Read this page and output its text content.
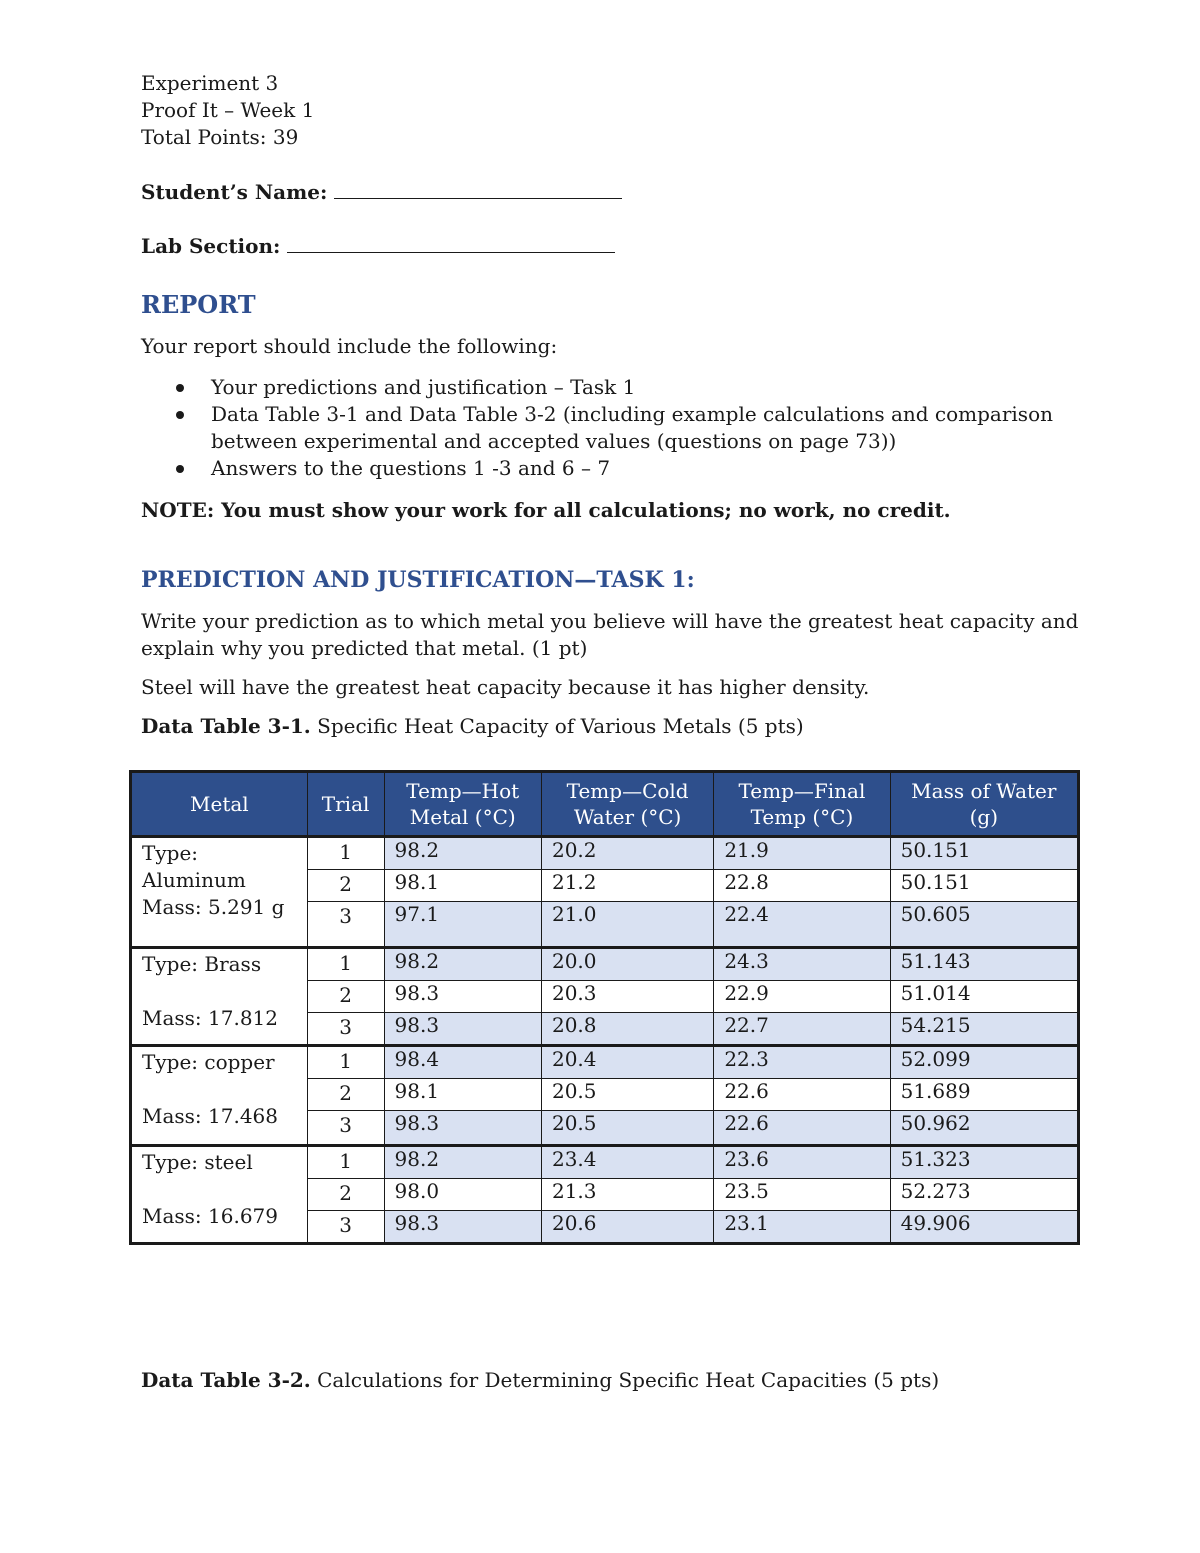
Experiment 3
Proof It – Week 1
Total Points: 39
Student’s Name:
Lab Section:
REPORT
Your report should include the following:
Your predictions and justification – Task 1
Data Table 3-1 and Data Table 3-2 (including example calculations and comparison between experimental and accepted values (questions on page 73))
Answers to the questions 1 -3 and 6 – 7
NOTE: You must show your work for all calculations; no work, no credit.
PREDICTION AND JUSTIFICATION—TASK 1:
Write your prediction as to which metal you believe will have the greatest heat capacity and explain why you predicted that metal. (1 pt)
Steel will have the greatest heat capacity because it has higher density.
Data Table 3-1. Specific Heat Capacity of Various Metals (5 pts)
Metal	Trial	Temp—Hot Metal (°C)	Temp—Cold Water (°C)	Temp—Final Temp (°C)	Mass of Water (g)

Type: Aluminum
Mass: 5.291 g	1	98.2	20.2	21.9	50.151
	2	98.1	21.2	22.8	50.151
	3	97.1	21.0	22.4	50.605

Type: Brass
Mass: 17.812	1	98.2	20.0	24.3	51.143
	2	98.3	20.3	22.9	51.014
	3	98.3	20.8	22.7	54.215

Type: copper
Mass: 17.468	1	98.4	20.4	22.3	52.099
	2	98.1	20.5	22.6	51.689
	3	98.3	20.5	22.6	50.962

Type: steel
Mass: 16.679	1	98.2	23.4	23.6	51.323
	2	98.0	21.3	23.5	52.273
	3	98.3	20.6	23.1	49.906
Data Table 3-2. Calculations for Determining Specific Heat Capacities (5 pts)
